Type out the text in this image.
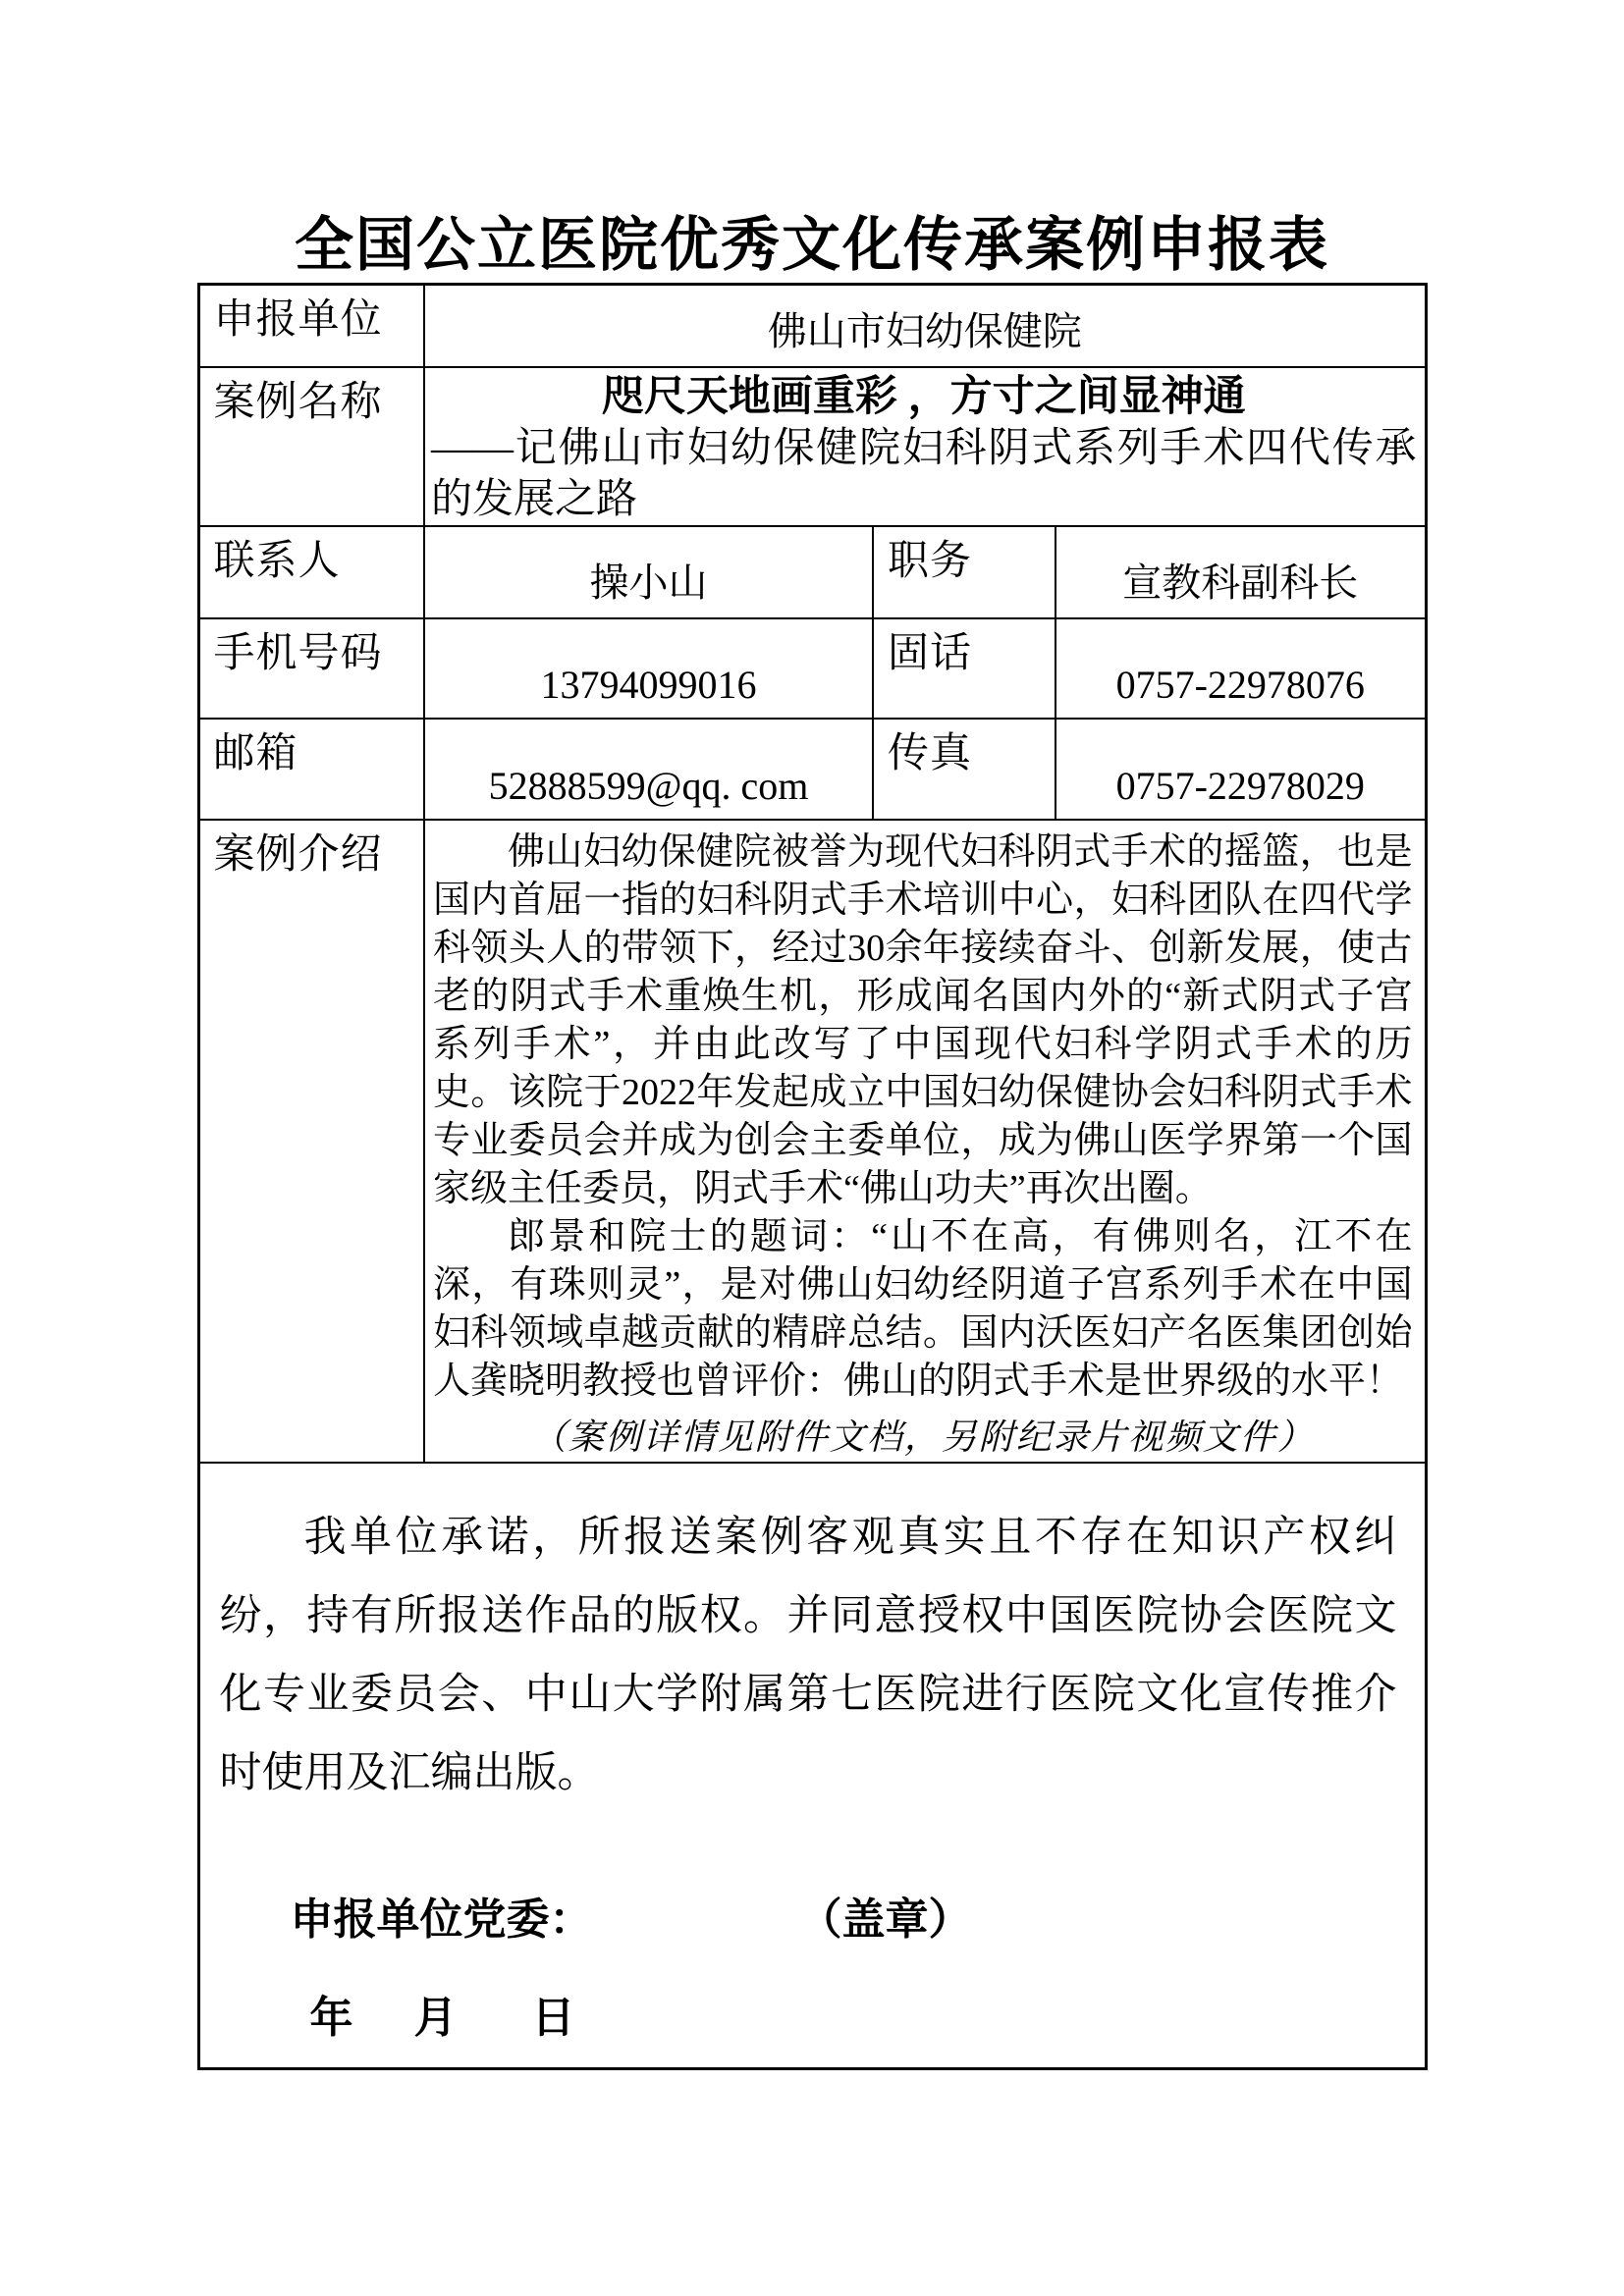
全国公立医院优秀文化传承案例申报表
申报单位	佛山市妇幼保健院		
案例名称	咫尺天地画重彩 ，方寸之间显神通
——记佛山市妇幼保健院妇科阴式系列手术四代传承的发展之路		

联系人	操小山	职务	宣教科副科长
手机号码	13794099016	固话	0757-22978076
邮箱	52888599@qq. com	传真	0757-22978029
案例介绍	佛山妇幼保健院被誉为现代妇科阴式手术的摇篮，也是国内首屈一指的妇科阴式手术培训中心，妇科团队在四代学科领头人的带领下，经过30余年接续奋斗、创新发展，使古老的阴式手术重焕生机，形成闻名国内外的“新式阴式子宫系列手术”，并由此改写了中国现代妇科学阴式手术的历史。该院于2022年发起成立中国妇幼保健协会妇科阴式手术专业委员会并成为创会主委单位，成为佛山医学界第一个国家级主任委员，阴式手术“佛山功夫”再次出圈。

郎景和院士的题词：“山不在高，有佛则名，江不在深，有珠则灵”，是对佛山妇幼经阴道子宫系列手术在中国妇科领域卓越贡献的精辟总结。国内沃医妇产名医集团创始人龚晓明教授也曾评价：佛山的阴式手术是世界级的水平！

（案例详情见附件文档，另附纪录片视频文件）		

我单位承诺，所报送案例客观真实且不存在知识产权纠纷，持有所报送作品的版权。并同意授权中国医院协会医院文化专业委员会、中山大学附属第七医院进行医院文化宣传推介时使用及汇编出版。

申报单位党委： （盖章）
年 月 日			
